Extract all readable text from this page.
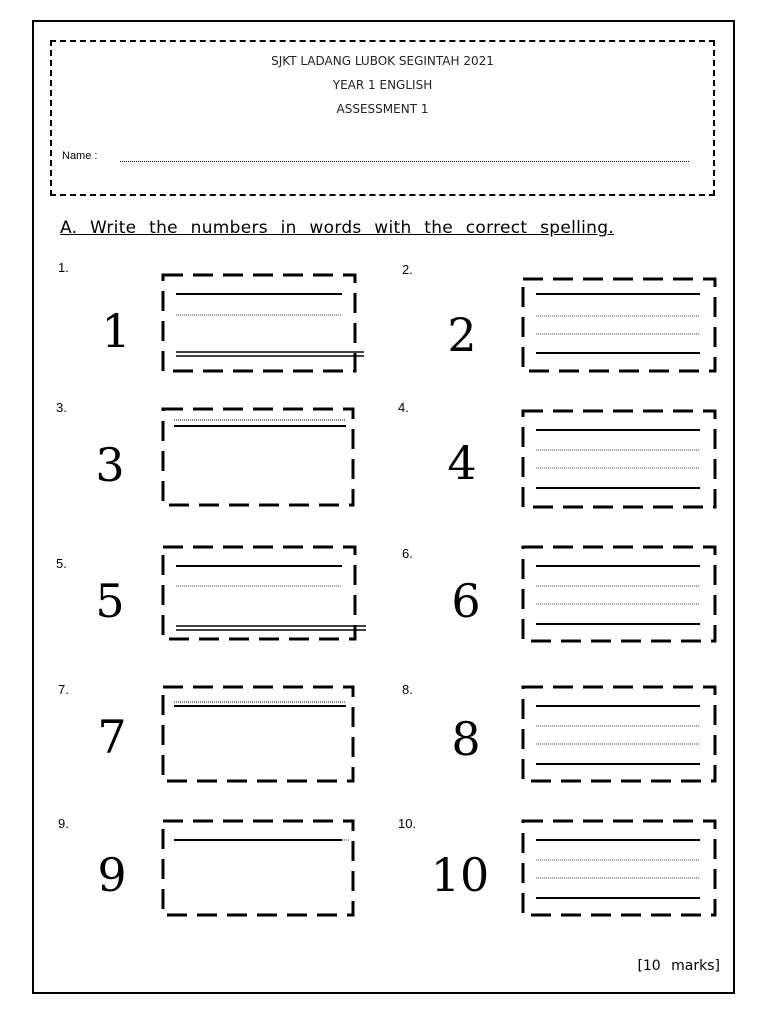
SJKT LADANG LUBOK SEGINTAH 2021
YEAR 1 ENGLISH
ASSESSMENT 1
Name :
A. Write the numbers in words with the correct spelling.
1.
1
2.
2
3.
3
4.
4
5.
5
6.
6
7.
7
8.
8
9.
9
10.
10
[10 marks]
